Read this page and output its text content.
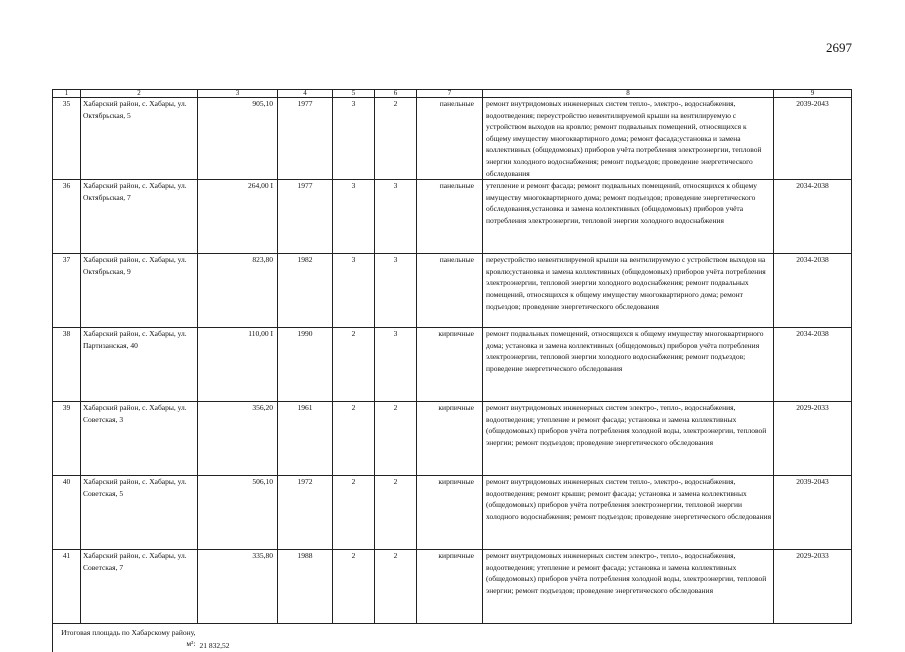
2697
1	2	3	4	5	6	7	8	9
35	Хабарский район, с. Хабары, ул. Октябрьская, 5	905,10	1977	3	2	панельные	ремонт внутридомовых инженерных систем тепло-, электро-, водоснабжения, водоотведения; переустройство невентилируемой крыши на вентилируемую с устройством выходов на кровлю; ремонт подвальных помещений, относящихся к общему имуществу многоквартирного дома; ремонт фасада;установка и замена коллективных (общедомовых) приборов учёта потребления электроэнергии, тепловой энергии холодного водоснабжения; ремонт подъездов; проведение энергетического обследования	2039-2043
36	Хабарский район, с. Хабары, ул. Октябрьская, 7	264,00 I	1977	3	3	панельные	утепление и ремонт фасада; ремонт подвальных помещений, относящихся к общему имуществу многоквартирного дома; ремонт подъездов; проведение энергетического обследования,установка и замена коллективных (общедомовых) приборов учёта потребления электроэнергии, тепловой энергии холодного водоснабжения	2034-2038
37	Хабарский район, с. Хабары, ул. Октябрьская, 9	823,80	1982	3	3	панельные	переустройство невентилируемой крыши на вентилируемую с устройством выходов на кровлю;установка и замена коллективных (общедомовых) приборов учёта потребления электроэнергии, тепловой энергии холодного водоснабжения; ремонт подвальных помещений, относящихся к общему имуществу многоквартирного дома; ремонт подъездов; проведение энергетического обследования	2034-2038
38	Хабарский район, с. Хабары, ул. Партизанская, 40	110,00 I	1990	2	3	кирпичные	ремонт подвальных помещений, относящихся к общему имуществу многоквартирного дома; установка и замена коллективных (общедомовых) приборов учёта потребления электроэнергии, тепловой энергии холодного водоснабжения; ремонт подъездов; проведение энергетического обследования	2034-2038
39	Хабарский район, с. Хабары, ул. Советская, 3	356,20	1961	2	2	кирпичные	ремонт внутридомовых инженерных систем электро-, тепло-, водоснабжения, водоотведения; утепление и ремонт фасада; установка и замена коллективных (общедомовых) приборов учёта потребления холодной воды, электроэнергии, тепловой энергии; ремонт подъездов; проведение энергетического обследования	2029-2033
40	Хабарский район, с. Хабары, ул. Советская, 5	506,10	1972	2	2	кирпичные	ремонт внутридомовых инженерных систем тепло-, электро-, водоснабжения, водоотведения; ремонт крыши; ремонт фасада; установка и замена коллективных (общедомовых) приборов учёта потребления электроэнергии, тепловой энергии холодного водоснабжения; ремонт подъездов; проведение энергетического обследования	2039-2043
41	Хабарский район, с. Хабары, ул. Советская, 7	335,80	1988	2	2	кирпичные	ремонт внутридомовых инженерных систем электро-, тепло-, водоснабжения, водоотведения; утепление и ремонт фасада; установка и замена коллективных (общедомовых) приборов учёта потребления холодной воды, электроэнергии, тепловой энергии; ремонт подъездов; проведение энергетического обследования	2029-2033
Итоговая площадь по Хабарскому району, м²:		21 832,52						
